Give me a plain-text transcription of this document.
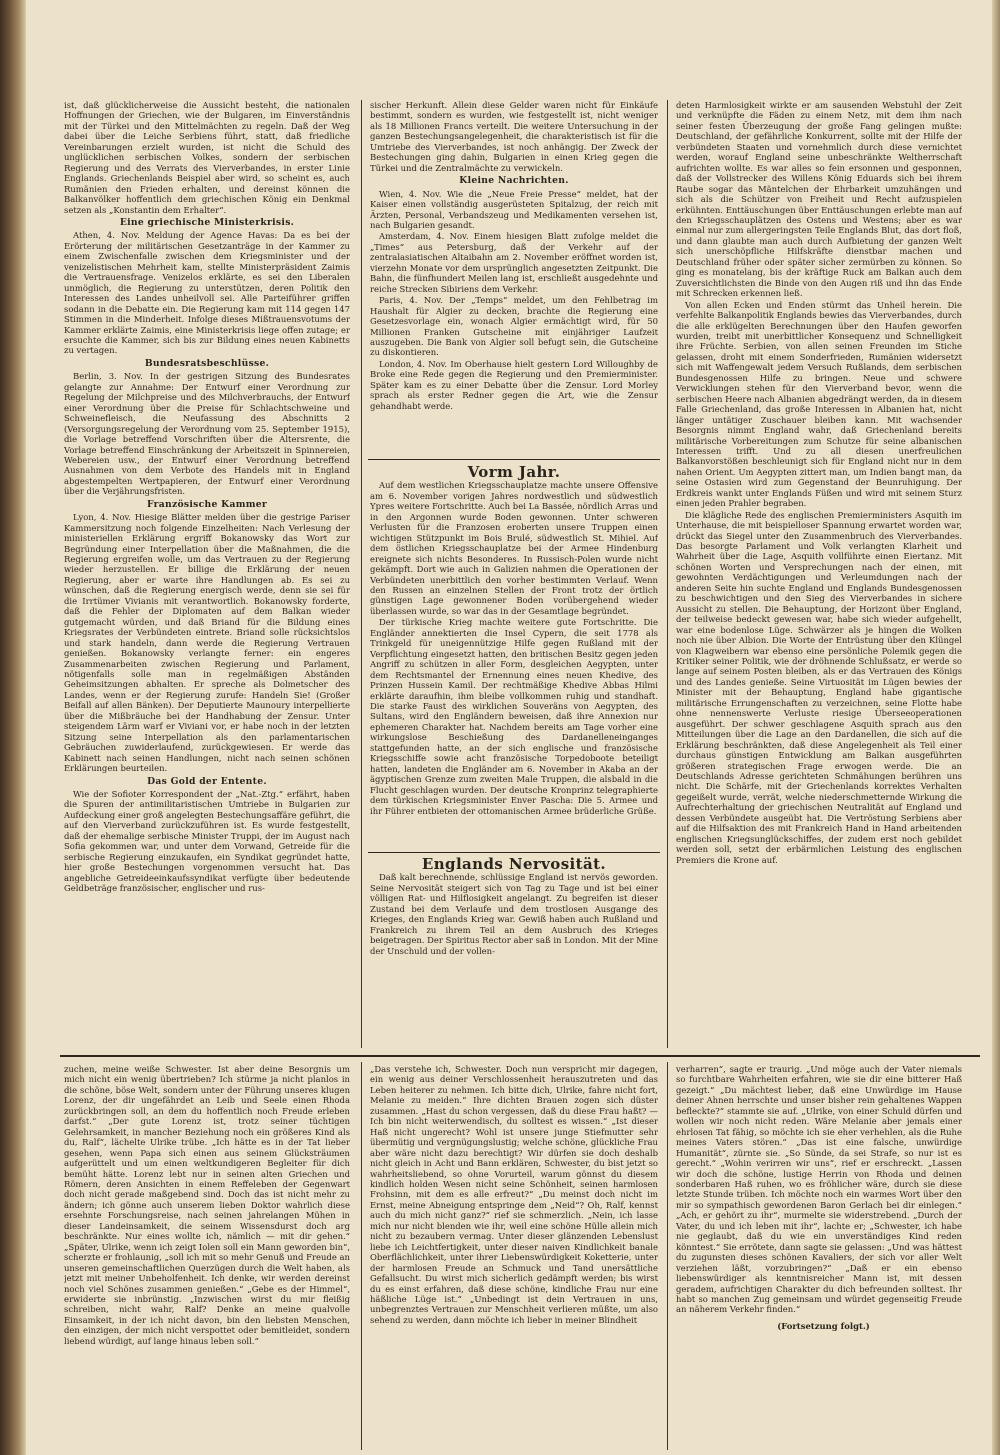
ist, daß glücklicherweise die Aussicht besteht, die nationalen Hoffnungen der Griechen, wie der Bulgaren, im Einverständnis mit der Türkei und den Mittelmächten zu regeln. Daß der Weg dabei über die Leiche Serbiens führt, statt, daß friedliche Vereinbarungen erzielt wurden, ist nicht die Schuld des unglücklichen serbischen Volkes, sondern der serbischen Regierung und des Verrats des Vierverbandes, in erster Linie Englands. Griechenlands Beispiel aber wird, so scheint es, auch Rumänien den Frieden erhalten, und dereinst können die Balkanvölker hoffentlich dem griechischen König ein Denkmal setzen als „Konstantin dem Erhalter“.

Eine griechische Ministerkrisis.

Athen, 4. Nov. Meldung der Agence Havas: Da es bei der Erörterung der militärischen Gesetzanträge in der Kammer zu einem Zwischenfalle zwischen dem Kriegsminister und der venizelistischen Mehrheit kam, stellte Ministerpräsident Zaimis die Vertrauensfrage. Venizelos erklärte, es sei den Liberalen unmöglich, die Regierung zu unterstützen, deren Politik den Interessen des Landes unheilvoll sei. Alle Parteiführer griffen sodann in die Debatte ein. Die Regierung kam mit 114 gegen 147 Stimmen in die Minderheit. Infolge dieses Mißtrauensvotums der Kammer erklärte Zaimis, eine Ministerkrisis liege offen zutage; er ersuchte die Kammer, sich bis zur Bildung eines neuen Kabinetts zu vertagen.

Bundesratsbeschlüsse.

Berlin, 3. Nov. In der gestrigen Sitzung des Bundesrates gelangte zur Annahme: Der Entwurf einer Verordnung zur Regelung der Milchpreise und des Milchverbrauchs, der Entwurf einer Verordnung über die Preise für Schlachtschweine und Schweinefleisch, die Neufassung des Abschnitts 2 (Versorgungsregelung der Verordnung vom 25. September 1915), die Vorlage betreffend Vorschriften über die Altersrente, die Vorlage betreffend Einschränkung der Arbeitszeit in Spinnereien, Webereien usw., der Entwurf einer Verordnung betreffend Ausnahmen von dem Verbote des Handels mit in England abgestempelten Wertpapieren, der Entwurf einer Verordnung über die Verjährungsfristen.

Französische Kammer

Lyon, 4. Nov. Hiesige Blätter melden über die gestrige Pariser Kammersitzung noch folgende Einzelheiten: Nach Verlesung der ministeriellen Erklärung ergriff Bokanowsky das Wort zur Begründung einer Interpellation über die Maßnahmen, die die Regierung ergreifen wolle, um das Vertrauen zu der Regierung wieder herzustellen. Er billige die Erklärung der neuen Regierung, aber er warte ihre Handlungen ab. Es sei zu wünschen, daß die Regierung energisch werde, denn sie sei für die Irrtümer Vivianis mit verantwortlich. Bokanowsky forderte, daß die Fehler der Diplomaten auf dem Balkan wieder gutgemacht würden, und daß Briand für die Bildung eines Kriegsrates der Verbündeten eintrete. Briand solle rücksichtslos und stark handeln, dann werde die Regierung Vertrauen genießen. Bokanowsky verlangte ferner: ein engeres Zusammenarbeiten zwischen Regierung und Parlament, nötigenfalls solle man in regelmäßigen Abständen Geheimsitzungen abhalten. Er spreche als Dolmetscher des Landes, wenn er der Regierung zurufe: Handeln Sie! (Großer Beifall auf allen Bänken). Der Deputierte Maunoury interpellierte über die Mißbräuche bei der Handhabung der Zensur. Unter steigendem Lärm warf er Viviani vor, er habe noch in der letzten Sitzung seine Interpellation als den parlamentarischen Gebräuchen zuwiderlaufend, zurückgewiesen. Er werde das Kabinett nach seinen Handlungen, nicht nach seinen schönen Erklärungen beurteilen.

Das Gold der Entente.

Wie der Sofioter Korrespondent der „Nat.-Ztg.“ erfährt, haben die Spuren der antimilitaristischen Umtriebe in Bulgarien zur Aufdeckung einer groß angelegten Bestechungsaffäre geführt, die auf den Vierverband zurückzuführen ist. Es wurde festgestellt, daß der ehemalige serbische Minister Truppi, der im August nach Sofia gekommen war, und unter dem Vorwand, Getreide für die serbische Regierung einzukaufen, ein Syndikat gegründet hatte, hier große Bestechungen vorgenommen versucht hat. Das angebliche Getreideeinkaufssyndikat verfügte über bedeutende Geldbeträge französischer, englischer und rus-

sischer Herkunft. Allein diese Gelder waren nicht für Einkäufe bestimmt, sondern es wurden, wie festgestellt ist, nicht weniger als 18 Millionen Francs verteilt. Die weitere Untersuchung in der ganzen Bestechungsangelegenheit, die charakteristisch ist für die Umtriebe des Vierverbandes, ist noch anhängig. Der Zweck der Bestechungen ging dahin, Bulgarien in einen Krieg gegen die Türkei und die Zentralmächte zu verwickeln.

Kleine Nachrichten.

Wien, 4. Nov. Wie die „Neue Freie Presse“ meldet, hat der Kaiser einen vollständig ausgerüsteten Spitalzug, der reich mit Ärzten, Personal, Verbandszeug und Medikamenten versehen ist, nach Bulgarien gesandt.

Amsterdam, 4. Nov. Einem hiesigen Blatt zufolge meldet die „Times“ aus Petersburg, daß der Verkehr auf der zentralasiatischen Altaibahn am 2. November eröffnet worden ist, vierzehn Monate vor dem ursprünglich angesetzten Zeitpunkt. Die Bahn, die fünfhundert Meilen lang ist, erschließt ausgedehnte und reiche Strecken Sibiriens dem Verkehr.

Paris, 4. Nov. Der „Temps“ meldet, um den Fehlbetrag im Haushalt für Algier zu decken, brachte die Regierung eine Gesetzesvorlage ein, wonach Algier ermächtigt wird, für 50 Millionen Franken Gutscheine mit einjähriger Laufzeit auszugeben. Die Bank von Algier soll befugt sein, die Gutscheine zu diskontieren.

London, 4. Nov. Im Oberhause hielt gestern Lord Willoughby de Broke eine Rede gegen die Regierung und den Premierminister. Später kam es zu einer Debatte über die Zensur. Lord Morley sprach als erster Redner gegen die Art, wie die Zensur gehandhabt werde.

Vorm Jahr.

Auf dem westlichen Kriegsschauplatze machte unsere Offensive am 6. November vorigen Jahres nordwestlich und südwestlich Ypres weitere Fortschritte. Auch bei La Bassée, nördlich Arras und in den Argonnen wurde Boden gewonnen. Unter schweren Verlusten für die Franzosen eroberten unsere Truppen einen wichtigen Stützpunkt im Bois Brulé, südwestlich St. Mihiel. Auf dem östlichen Kriegsschauplatze bei der Armee Hindenburg ereignete sich nichts Besonderes. In Russisch-Polen wurde nicht gekämpft. Dort wie auch in Galizien nahmen die Operationen der Verbündeten unerbittlich den vorher bestimmten Verlauf. Wenn den Russen an einzelnen Stellen der Front trotz der örtlich günstigen Lage gewonnener Boden vorübergehend wieder überlassen wurde, so war das in der Gesamtlage begründet.

Der türkische Krieg machte weitere gute Fortschritte. Die Engländer annektierten die Insel Cypern, die seit 1778 als Trinkgeld für uneigennützige Hilfe gegen Rußland mit der Verpflichtung eingesetzt hatten, den britischen Besitz gegen jeden Angriff zu schützen in aller Form, desgleichen Aegypten, unter dem Rechtsmantel der Ernennung eines neuen Khedive, des Prinzen Hussein Kamil. Der rechtmäßige Khedive Abbas Hilmi erklärte daraufhin, ihm bleibe vollkommen ruhig und standhaft. Die starke Faust des wirklichen Souveräns von Aegypten, des Sultans, wird den Engländern beweisen, daß ihre Annexion nur ephemeren Charakter hat. Nachdem bereits am Tage vorher eine wirkungslose Beschießung des Dardanelleneinganges stattgefunden hatte, an der sich englische und französische Kriegsschiffe sowie acht französische Torpedoboote beteiligt hatten, landeten die Engländer am 6. November in Akaba an der ägyptischen Grenze zum zweiten Male Truppen, die alsbald in die Flucht geschlagen wurden. Der deutsche Kronprinz telegraphierte dem türkischen Kriegsminister Enver Pascha: Die 5. Armee und ihr Führer entbieten der ottomanischen Armee brüderliche Grüße.

Englands Nervosität.

Daß kalt berechnende, schlüssige England ist nervös geworden. Seine Nervosität steigert sich von Tag zu Tage und ist bei einer völligen Rat- und Hilflosigkeit angelangt. Zu begreifen ist dieser Zustand bei dem Verlaufe und dem trostlosen Ausgange des Krieges, den Englands Krieg war. Gewiß haben auch Rußland und Frankreich zu ihrem Teil an dem Ausbruch des Krieges beigetragen. Der Spiritus Rector aber saß in London. Mit der Mine der Unschuld und der vollen-

deten Harmlosigkeit wirkte er am sausenden Webstuhl der Zeit und verknüpfte die Fäden zu einem Netz, mit dem ihm nach seiner festen Überzeugung der große Fang gelingen mußte: Deutschland, der gefährliche Konkurrent, sollte mit der Hilfe der verbündeten Staaten und vornehmlich durch diese vernichtet werden, worauf England seine unbeschränkte Weltherrschaft aufrichten wollte. Es war alles so fein ersonnen und gesponnen, daß der Vollstrecker des Willens König Eduards sich bei ihrem Raube sogar das Mäntelchen der Ehrbarkeit umzuhängen und sich als die Schützer von Freiheit und Recht aufzuspielen erkühnten. Enttäuschungen über Enttäuschungen erlebte man auf den Kriegsschauplätzen des Ostens und Westens; aber es war einmal nur zum allergeringsten Teile Englands Blut, das dort floß, und dann glaubte man auch durch Aufbietung der ganzen Welt sich unerschöpfliche Hilfskräfte dienstbar machen und Deutschland früher oder später sicher zermürben zu können. So ging es monatelang, bis der kräftige Ruck am Balkan auch dem Zuversichtlichsten die Binde von den Augen riß und ihn das Ende mit Schrecken erkennen ließ.

Von allen Ecken und Enden stürmt das Unheil herein. Die verfehlte Balkanpolitik Englands bewies das Vierverbandes, durch die alle erklügelten Berechnungen über den Haufen geworfen wurden, treibt mit unerbittlicher Konsequenz und Schnelligkeit ihre Früchte. Serbien, von allen seinen Freunden im Stiche gelassen, droht mit einem Sonderfrieden, Rumänien widersetzt sich mit Waffengewalt jedem Versuch Rußlands, dem serbischen Bundesgenossen Hilfe zu bringen. Neue und schwere Verwicklungen stehen für den Vierverband bevor, wenn die serbischen Heere nach Albanien abgedrängt werden, da in diesem Falle Griechenland, das große Interessen in Albanien hat, nicht länger untätiger Zuschauer bleiben kann. Mit wachsender Besorgnis nimmt England wahr, daß Griechenland bereits militärische Vorbereitungen zum Schutze für seine albanischen Interessen trifft. Und zu all diesen unerfreulichen Balkanvorstößen beschleunigt sich für England nicht nur in dem nahen Orient. Um Aegypten zittert man, um Indien bangt man, da seine Ostasien wird zum Gegenstand der Beunruhigung. Der Erdkreis wankt unter Englands Füßen und wird mit seinem Sturz einen jeden Prahler begraben.

Die klägliche Rede des englischen Premierministers Asquith im Unterhause, die mit beispielloser Spannung erwartet worden war, drückt das Siegel unter den Zusammenbruch des Vierverbandes. Das besorgte Parlament und Volk verlangten Klarheit und Wahrheit über die Lage, Asquith vollführte einen Eiertanz. Mit schönen Worten und Versprechungen nach der einen, mit gewohnten Verdächtigungen und Verleumdungen nach der anderen Seite hin suchte England und Englands Bundesgenossen zu beschwichtigen und den Sieg des Vierverbandes in sichere Aussicht zu stellen. Die Behauptung, der Horizont über England, der teilweise bedeckt gewesen war, habe sich wieder aufgehellt, war eine bodenlose Lüge. Schwärzer als je hingen die Wolken noch nie über Albion. Die Worte der Entrüstung über den Klüngel von Klagweibern war ebenso eine persönliche Polemik gegen die Kritiker seiner Politik, wie der dröhnende Schlußsatz, er werde so lange auf seinem Posten bleiben, als er das Vertrauen des Königs und des Landes genieße. Seine Virtuosität im Lügen bewies der Minister mit der Behauptung, England habe gigantische militärische Errungenschaften zu verzeichnen, seine Flotte habe ohne nennenswerte Verluste riesige Überseeoperationen ausgeführt. Der schwer geschlagene Asquith sprach aus den Mitteilungen über die Lage an den Dardanellen, die sich auf die Erklärung beschränkten, daß diese Angelegenheit als Teil einer durchaus günstigen Entwicklung am Balkan ausgeführten größeren strategischen Frage erwogen werde. Die an Deutschlands Adresse gerichteten Schmähungen berühren uns nicht. Die Schärfe, mit der Griechenlands korrektes Verhalten gegeißelt wurde, verrät, welche niederschmetternde Wirkung die Aufrechterhaltung der griechischen Neutralität auf England und dessen Verbündete ausgeübt hat. Die Vertröstung Serbiens aber auf die Hilfsaktion des mit Frankreich Hand in Hand arbeitenden englischen Kriegsunglückschiffes, der zudem erst noch gebildet werden soll, setzt der erbärmlichen Leistung des englischen Premiers die Krone auf.

zuchen, meine weiße Schwester. Ist aber deine Besorgnis um mich nicht ein wenig übertrieben? Ich stürme ja nicht planlos in die schöne, böse Welt, sondern unter der Führung unseres klugen Lorenz, der dir ungefährdet an Leib und Seele einen Rhoda zurückbringen soll, an dem du hoffentlich noch Freude erleben darfst.“ „Der gute Lorenz ist, trotz seiner tüchtigen Gelehrsamkeit, in mancher Beziehung noch ein größeres Kind als du, Ralf“, lächelte Ulrike trübe. „Ich hätte es in der Tat lieber gesehen, wenn Papa sich einen aus seinem Glücksträumen aufgerüttelt und um einen weltkundigeren Begleiter für dich bemüht hätte. Lorenz lebt nur in seinen alten Griechen und Römern, deren Ansichten in einem Reffeleben der Gegenwart doch nicht gerade maßgebend sind. Doch das ist nicht mehr zu ändern; ich gönne auch unserem lieben Doktor wahrlich diese ersehnte Forschungsreise, nach seinen jahrelangen Mühen in dieser Landeinsamkeit, die seinem Wissensdurst doch arg beschränkte. Nur eines wollte ich, nämlich — mit dir gehen.“ „Später, Ulrike, wenn ich zeigt Iolen soll ein Mann geworden bin“, scherzte er frohlaunig, „soll ich mit so mehr Genuß und Freude an unseren gemeinschaftlichen Querzügen durch die Welt haben, als jetzt mit meiner Unbeholfenheit. Ich denke, wir werden dereinst noch viel Schönes zusammen genießen.“ „Gebe es der Himmel“, erwiderte sie inbrünstig. „Inzwischen wirst du mir fleißig schreiben, nicht wahr, Ralf? Denke an meine qualvolle Einsamkeit, in der ich nicht davon, bin den liebsten Menschen, den einzigen, der mich nicht verspottet oder bemitleidet, sondern liebend würdigt, auf lange hinaus leben soll.“

„Das verstehe ich, Schwester. Doch nun verspricht mir dagegen, ein wenig aus deiner Verschlossenheit herauszutreten und das Leben heiterer zu nehmen. Ich bitte dich, Ulrike, fahre nicht fort, Melanie zu meiden.“ Ihre dichten Brauen zogen sich düster zusammen. „Hast du schon vergessen, daß du diese Frau haßt? — Ich bin nicht weiterwendisch, du solltest es wissen.“ „Ist dieser Haß nicht ungerecht? Wohl ist unsere junge Stiefmutter sehr übermütig und vergnügungslustig; welche schöne, glückliche Frau aber wäre nicht dazu berechtigt? Wir dürfen sie doch deshalb nicht gleich in Acht und Bann erklären, Schwester, du bist jetzt so wahrheitsliebend, so ohne Vorurteil, warum gönnst du diesem kindlich holden Wesen nicht seine Schönheit, seinen harmlosen Frohsinn, mit dem es alle erfreut?“ „Du meinst doch nicht im Ernst, meine Abneigung entspringe dem „Neid“? Oh, Ralf, kennst auch du mich nicht ganz?“ rief sie schmerzlich. „Nein, ich lasse mich nur nicht blenden wie ihr, weil eine schöne Hülle allein mich nicht zu bezaubern vermag. Unter dieser glänzenden Lebenslust liebe ich Leichtfertigkeit, unter dieser naiven Kindlichkeit banale Oberflächlichkeit, unter ihrer Liebenswürdigkeit Koketterie, unter der harmlosen Freude an Schmuck und Tand unersättliche Gefallsucht. Du wirst mich sicherlich gedämpft werden; bis wirst du es einst erfahren, daß diese schöne, kindliche Frau nur eine häßliche Lüge ist.“ „Unbedingt ist dein Vertrauen in uns, unbegrenztes Vertrauen zur Menschheit verlieren müßte, um also sehend zu werden, dann möchte ich lieber in meiner Blindheit

verharren“, sagte er traurig. „Und möge auch der Vater niemals so furchtbare Wahrheiten erfahren, wie sie dir eine bitterer Haß gezeigt.“ „Du mächtest lieber, daß eine Unwürdige im Hause deiner Ahnen herrschte und unser bisher rein gehaltenes Wappen befleckte?“ stammte sie auf. „Ulrike, von einer Schuld dürfen und wollen wir noch nicht reden. Wäre Melanie aber jemals einer ehrlosen Tat fähig, so möchte ich sie eher verhehlen, als die Ruhe meines Vaters stören.“ „Das ist eine falsche, unwürdige Humanität“, zürnte sie. „So Sünde, da sei Strafe, so nur ist es gerecht.“ „Wohin verirren wir uns“, rief er erschreckt. „Lassen wir doch die schöne, lustige Herrin von Rhoda und deinen sonderbaren Haß ruhen, wo es fröhlicher wäre, durch sie diese letzte Stunde trüben. Ich möchte noch ein warmes Wort über den mir so sympathisch gewordenen Baron Gerlach bei dir einlegen.“ „Ach, er gehört zu ihr“, murmelte sie widerstrebend. „Durch der Vater, du und ich leben mit ihr“, lachte er; „Schwester, ich habe nie geglaubt, daß du wie ein unverständiges Kind reden könntest.“ Sie errötete, dann sagte sie gelassen: „Und was hättest du zugunsten dieses schönen Kavaliers, der sich vor aller Welt verziehen läßt, vorzubringen?“ „Daß er ein ebenso liebenswürdiger als kenntnisreicher Mann ist, mit dessen geradem, aufrichtigen Charakter du dich befreunden solltest. Ihr habt so manchen Zug gemeinsam und würdet gegenseitig Freude an näherem Verkehr finden.“

(Fortsetzung folgt.)
